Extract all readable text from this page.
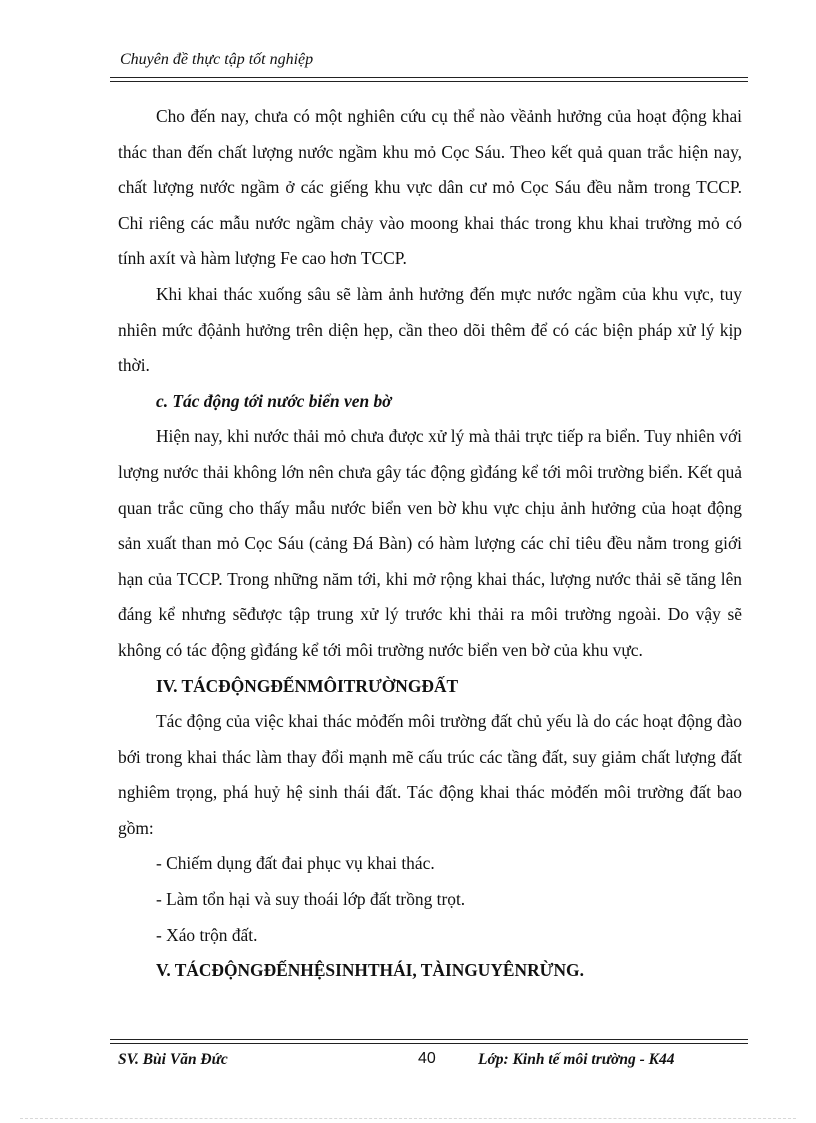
Chuyên đề thực tập tốt nghiệp

Cho đến nay, chưa có một nghiên cứu cụ thể nào vềảnh hưởng của hoạt động khai thác than đến chất lượng nước ngầm khu mỏ Cọc Sáu. Theo kết quả quan trắc hiện nay, chất lượng nước ngầm ở các giếng khu vực dân cư mỏ Cọc Sáu đều nằm trong TCCP. Chỉ riêng các mẫu nước ngầm chảy vào moong khai thác trong khu khai trường mỏ có tính axít và hàm lượng Fe cao hơn TCCP.

Khi khai thác xuống sâu sẽ làm ảnh hưởng đến mực nước ngầm của khu vực, tuy nhiên mức độảnh hưởng trên diện hẹp, cần theo dõi thêm để có các biện pháp xử lý kịp thời.

c. Tác động tới nước biển ven bờ

Hiện nay, khi nước thải mỏ chưa được xử lý mà thải trực tiếp ra biển. Tuy nhiên với lượng nước thải không lớn nên chưa gây tác động gìđáng kể tới môi trường biển. Kết quả quan trắc cũng cho thấy mẫu nước biển ven bờ khu vực chịu ảnh hưởng của hoạt động sản xuất than mỏ Cọc Sáu (cảng Đá Bàn) có hàm lượng các chỉ tiêu đều nằm trong giới hạn của TCCP. Trong những năm tới, khi mở rộng khai thác, lượng nước thải sẽ tăng lên đáng kể nhưng sẽđược tập trung xử lý trước khi thải ra môi trường ngoài. Do vậy sẽ không có tác động gìđáng kể tới môi trường nước biển ven bờ của khu vực.

IV. TÁCĐỘNGĐẾNMÔITRƯỜNGĐẤT

Tác động của việc khai thác mỏđến môi trường đất chủ yếu là do các hoạt động đào bới trong khai thác làm thay đổi mạnh mẽ cấu trúc các tầng đất, suy giảm chất lượng đất nghiêm trọng, phá huỷ hệ sinh thái đất. Tác động khai thác mỏđến môi trường đất bao gồm:

- Chiếm dụng đất đai phục vụ khai thác.

- Làm tổn hại và suy thoái lớp đất trồng trọt.

- Xáo trộn đất.

V. TÁCĐỘNGĐẾNHỆSINHTHÁI, TÀINGUYÊNRỪNG.

SV. Bùi Văn Đức	40	Lớp: Kinh tế môi trường - K44
